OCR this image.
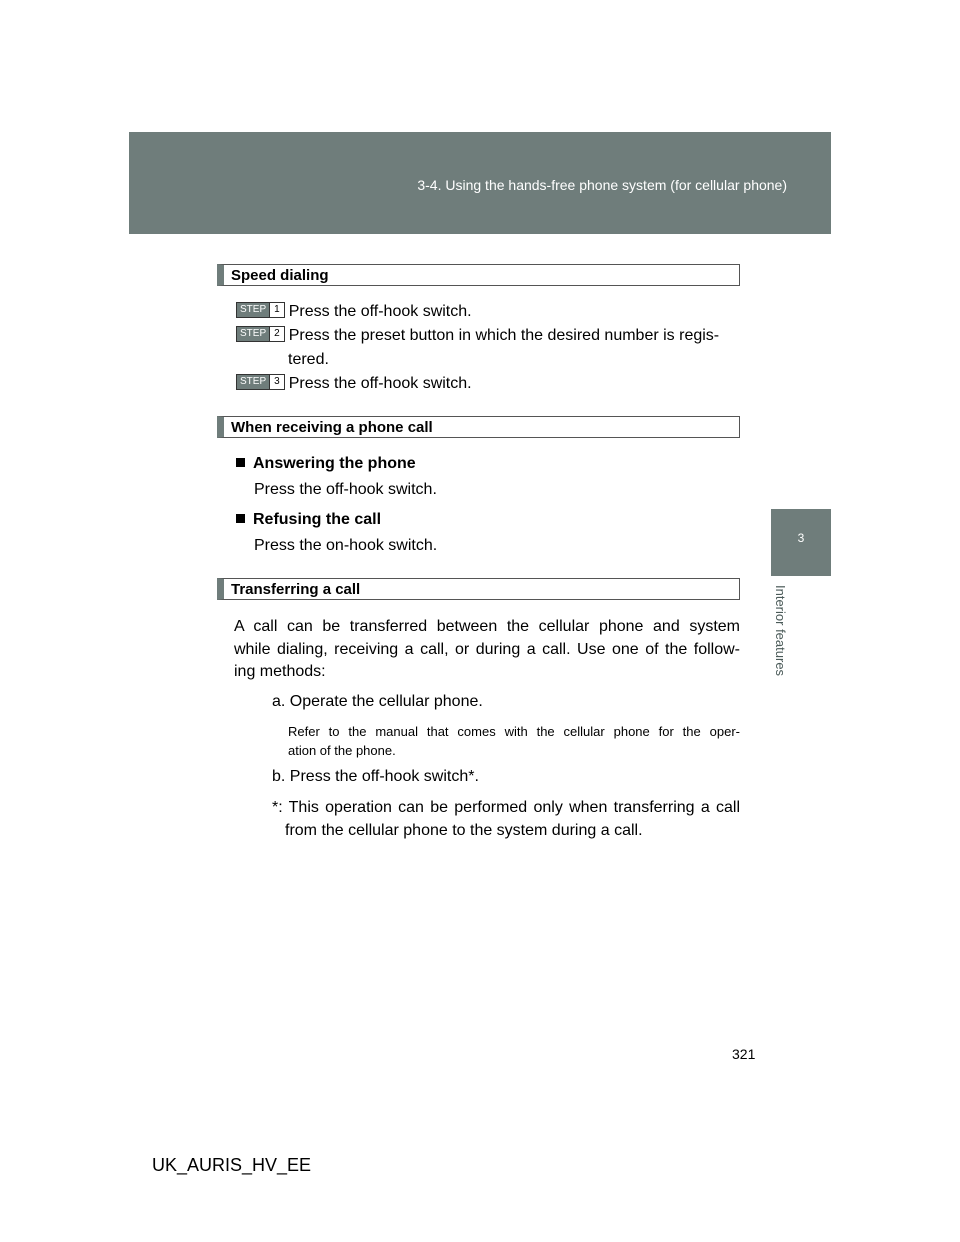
3-4. Using the hands-free phone system (for cellular phone)
3
Interior features
Speed dialing
STEP 1 Press the off-hook switch.
STEP 2 Press the preset button in which the desired number is regis-
tered.
STEP 3 Press the off-hook switch.
When receiving a phone call
Answering the phone
Press the off-hook switch.
Refusing the call
Press the on-hook switch.
Transferring a call
A call can be transferred between the cellular phone and system
while dialing, receiving a call, or during a call. Use one of the follow-
ing methods:
a. Operate the cellular phone.
Refer to the manual that comes with the cellular phone for the oper-
ation of the phone.
b. Press the off-hook switch*.
*: This operation can be performed only when transferring a call
from the cellular phone to the system during a call.
321
UK_AURIS_HV_EE
